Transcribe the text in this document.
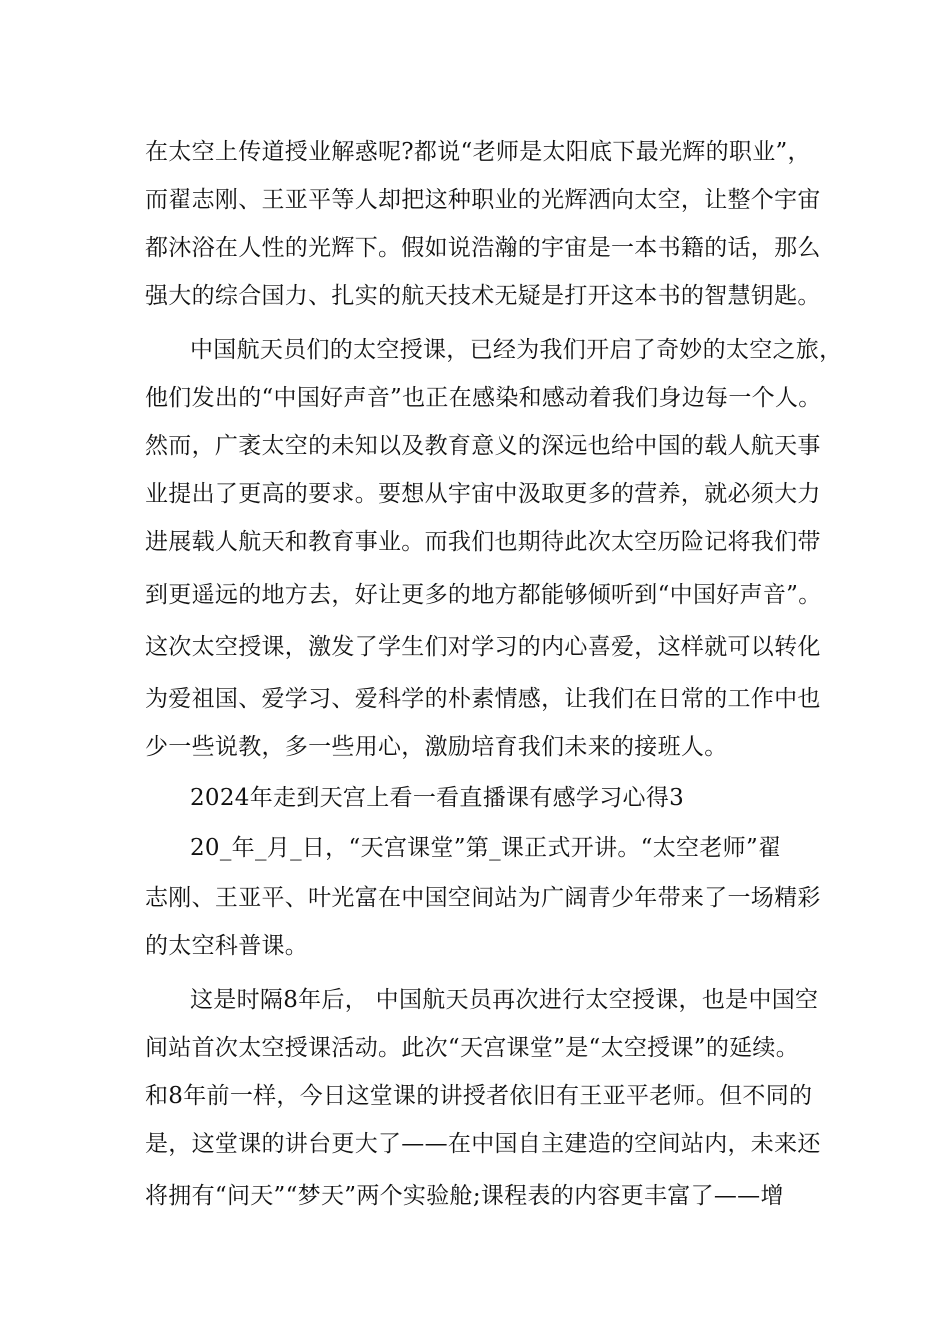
在太空上传道授业解惑呢?都说“老师是太阳底下最光辉的职业”，
而翟志刚、王亚平等人却把这种职业的光辉洒向太空，让整个宇宙
都沐浴在人性的光辉下。假如说浩瀚的宇宙是一本书籍的话，那么
强大的综合国力、扎实的航天技术无疑是打开这本书的智慧钥匙。
中国航天员们的太空授课，已经为我们开启了奇妙的太空之旅，
他们发出的“中国好声音”也正在感染和感动着我们身边每一个人。
然而，广袤太空的未知以及教育意义的深远也给中国的载人航天事
业提出了更高的要求。要想从宇宙中汲取更多的营养，就必须大力
进展载人航天和教育事业。而我们也期待此次太空历险记将我们带
到更遥远的地方去，好让更多的地方都能够倾听到“中国好声音”。
这次太空授课，激发了学生们对学习的内心喜爱，这样就可以转化
为爱祖国、爱学习、爱科学的朴素情感，让我们在日常的工作中也
少一些说教，多一些用心，激励培育我们未来的接班人。
2024年走到天宫上看一看直播课有感学习心得3
20_年_月_日，“天宫课堂”第_课正式开讲。“太空老师”翟
志刚、王亚平、叶光富在中国空间站为广阔青少年带来了一场精彩
的太空科普课。
这是时隔8年后， 中国航天员再次进行太空授课，也是中国空
间站首次太空授课活动。此次“天宫课堂”是“太空授课”的延续。
和8年前一样，今日这堂课的讲授者依旧有王亚平老师。但不同的
是，这堂课的讲台更大了——在中国自主建造的空间站内，未来还
将拥有“问天”“梦天”两个实验舱;课程表的内容更丰富了——增
